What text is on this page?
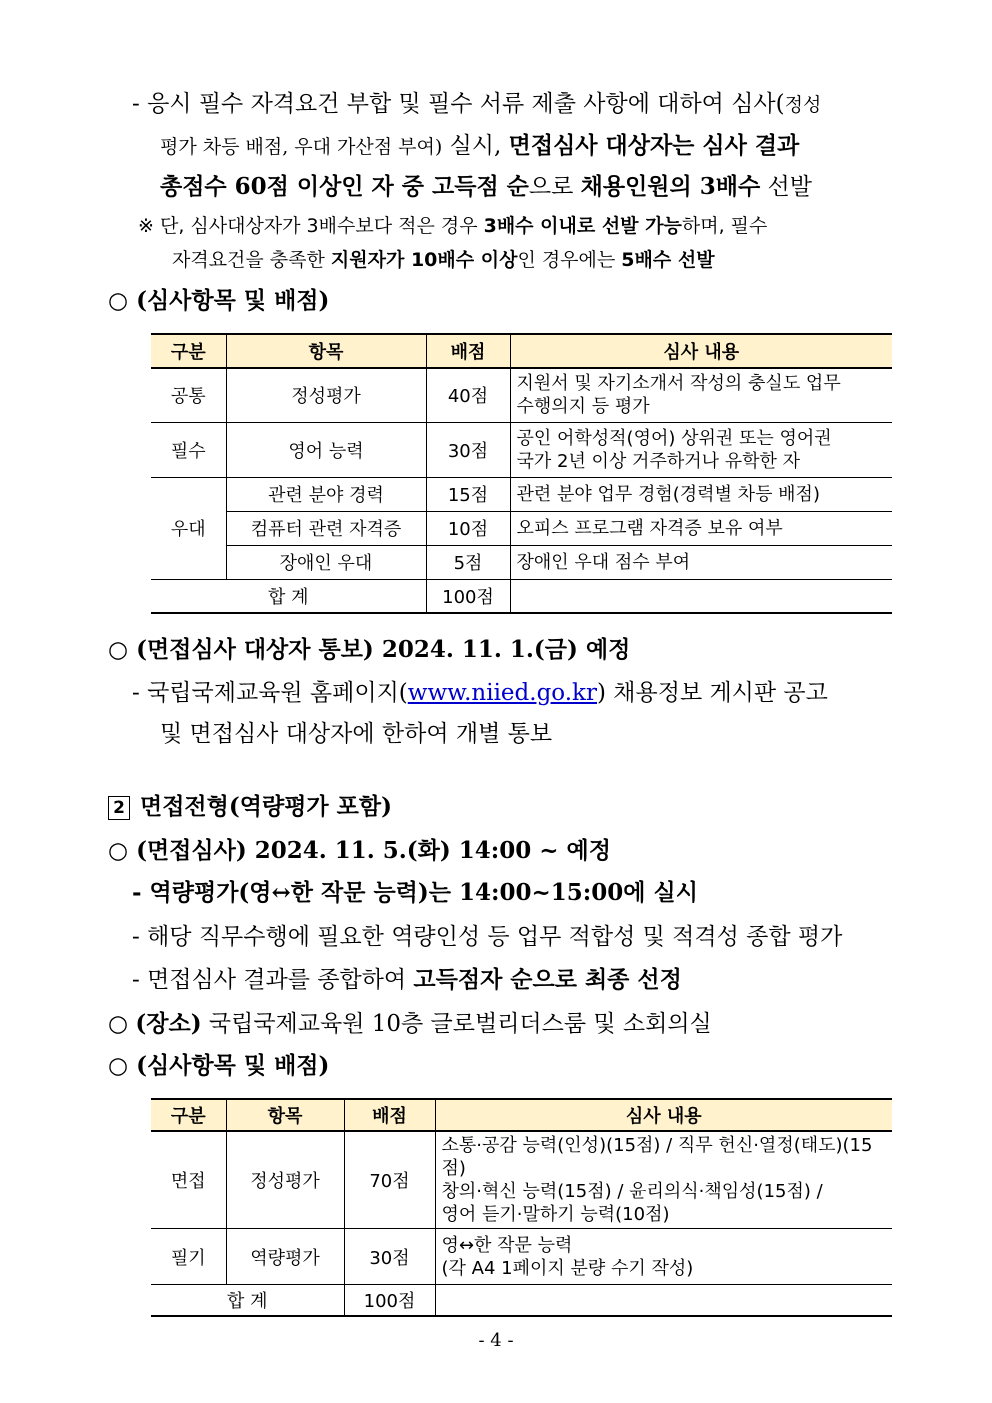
- 응시 필수 자격요건 부합 및 필수 서류 제출 사항에 대하여 심사(정성
평가 차등 배점, 우대 가산점 부여) 실시, 면접심사 대상자는 심사 결과
총점수 60점 이상인 자 중 고득점 순으로 채용인원의 3배수 선발
※ 단, 심사대상자가 3배수보다 적은 경우 3배수 이내로 선발 가능하며, 필수
자격요건을 충족한 지원자가 10배수 이상인 경우에는 5배수 선발
○ (심사항목 및 배점)
구분	항목	배점	심사 내용
공통	정성평가	40점	지원서 및 자기소개서 작성의 충실도 업무
수행의지 등 평가

필수	영어 능력	30점	공인 어학성적(영어) 상위권 또는 영어권
국가 2년 이상 거주하거나 유학한 자

우대	관련 분야 경력	15점	관련 분야 업무 경험(경력별 차등 배점)
	컴퓨터 관련 자격증	10점	오피스 프로그램 자격증 보유 여부
	장애인 우대	5점	장애인 우대 점수 부여
합 계		100점	
○ (면접심사 대상자 통보) 2024. 11. 1.(금) 예정
- 국립국제교육원 홈페이지(www.niied.go.kr) 채용정보 게시판 공고
및 면접심사 대상자에 한하여 개별 통보
2 면접전형(역량평가 포함)
○ (면접심사) 2024. 11. 5.(화) 14:00 ~ 예정
- 역량평가(영↔한 작문 능력)는 14:00~15:00에 실시
- 해당 직무수행에 필요한 역량인성 등 업무 적합성 및 적격성 종합 평가
- 면접심사 결과를 종합하여 고득점자 순으로 최종 선정
○ (장소) 국립국제교육원 10층 글로벌리더스룸 및 소회의실
○ (심사항목 및 배점)
구분	항목	배점	심사 내용
면접	정성평가	70점	소통·공감 능력(인성)(15점) / 직무 헌신·열정(태도)(15점)
창의·혁신 능력(15점) / 윤리의식·책임성(15점) /
영어 듣기·말하기 능력(10점)

필기	역량평가	30점	영↔한 작문 능력
(각 A4 1페이지 분량 수기 작성)

합 계		100점	
- 4 -
